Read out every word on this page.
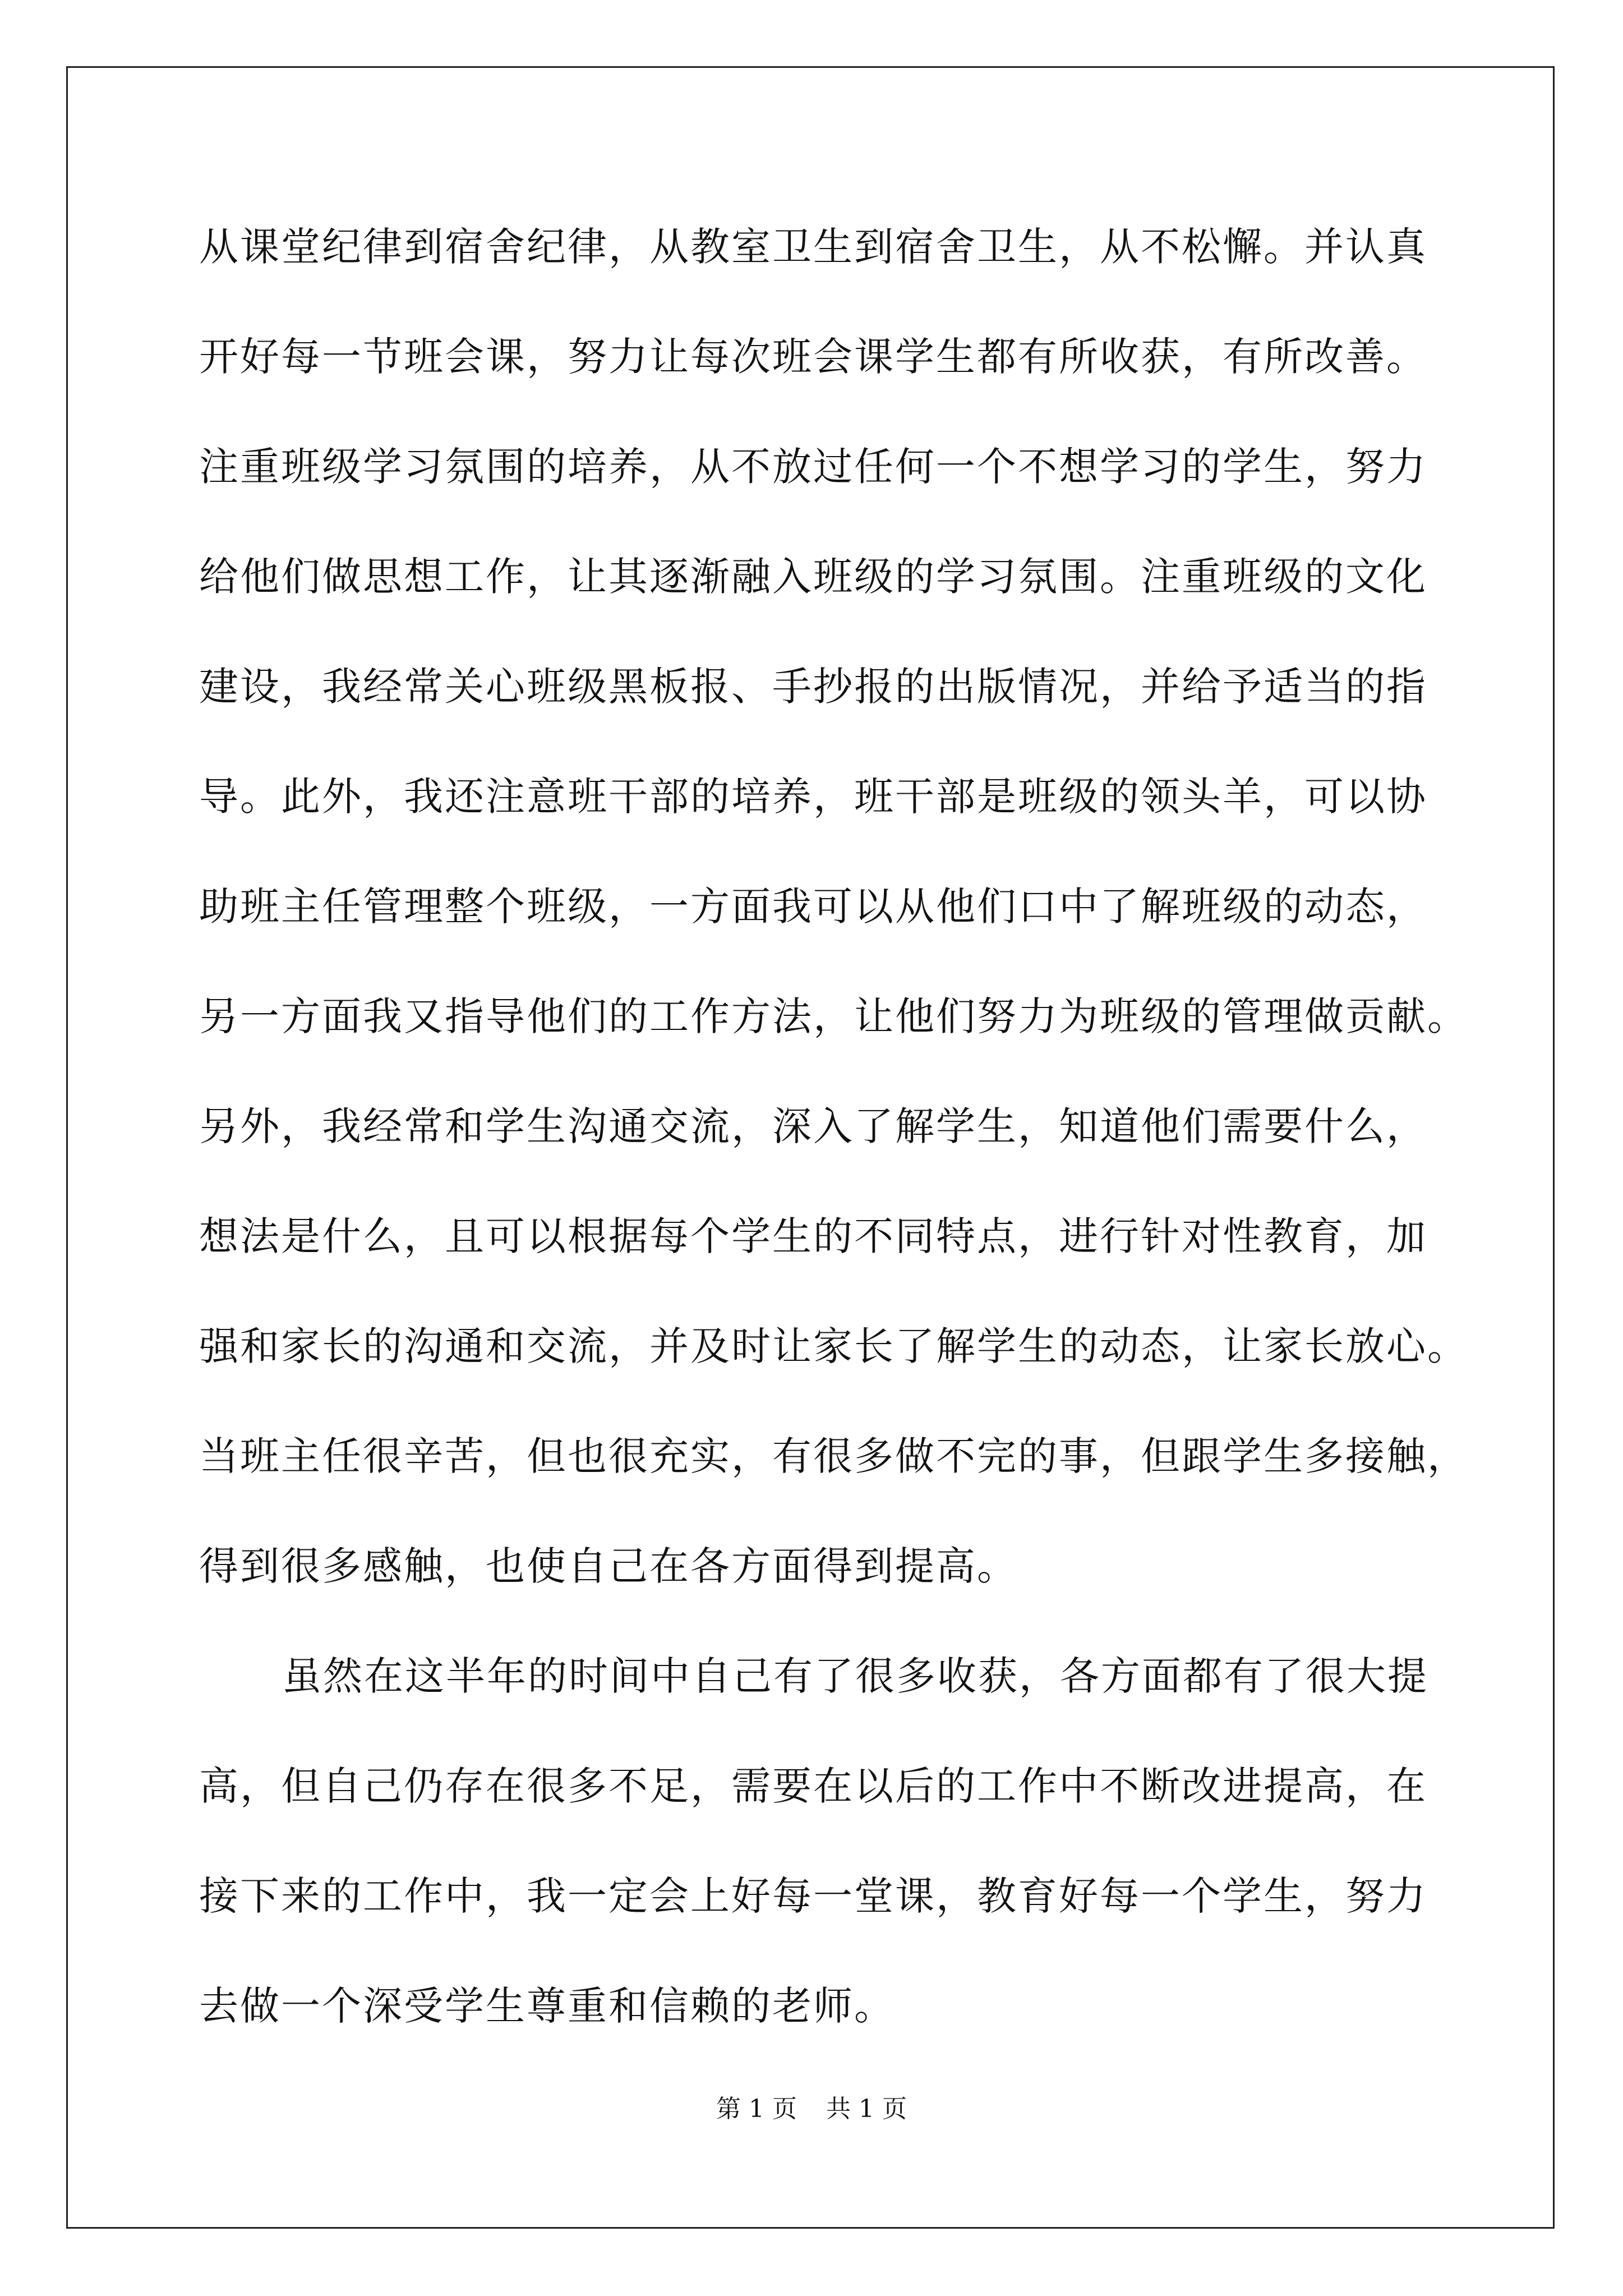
从课堂纪律到宿舍纪律，从教室卫生到宿舍卫生，从不松懈。并认真
开好每一节班会课，努力让每次班会课学生都有所收获，有所改善。
注重班级学习氛围的培养，从不放过任何一个不想学习的学生，努力
给他们做思想工作，让其逐渐融入班级的学习氛围。注重班级的文化
建设，我经常关心班级黑板报、手抄报的出版情况，并给予适当的指
导。此外，我还注意班干部的培养，班干部是班级的领头羊，可以协
助班主任管理整个班级，一方面我可以从他们口中了解班级的动态，
另一方面我又指导他们的工作方法，让他们努力为班级的管理做贡献。
另外，我经常和学生沟通交流，深入了解学生，知道他们需要什么，
想法是什么，且可以根据每个学生的不同特点，进行针对性教育，加
强和家长的沟通和交流，并及时让家长了解学生的动态，让家长放心。
当班主任很辛苦，但也很充实，有很多做不完的事，但跟学生多接触，
得到很多感触，也使自己在各方面得到提高。
虽然在这半年的时间中自己有了很多收获，各方面都有了很大提
高，但自己仍存在很多不足，需要在以后的工作中不断改进提高，在
接下来的工作中，我一定会上好每一堂课，教育好每一个学生，努力
去做一个深受学生尊重和信赖的老师。
第 1 页 共 1 页
